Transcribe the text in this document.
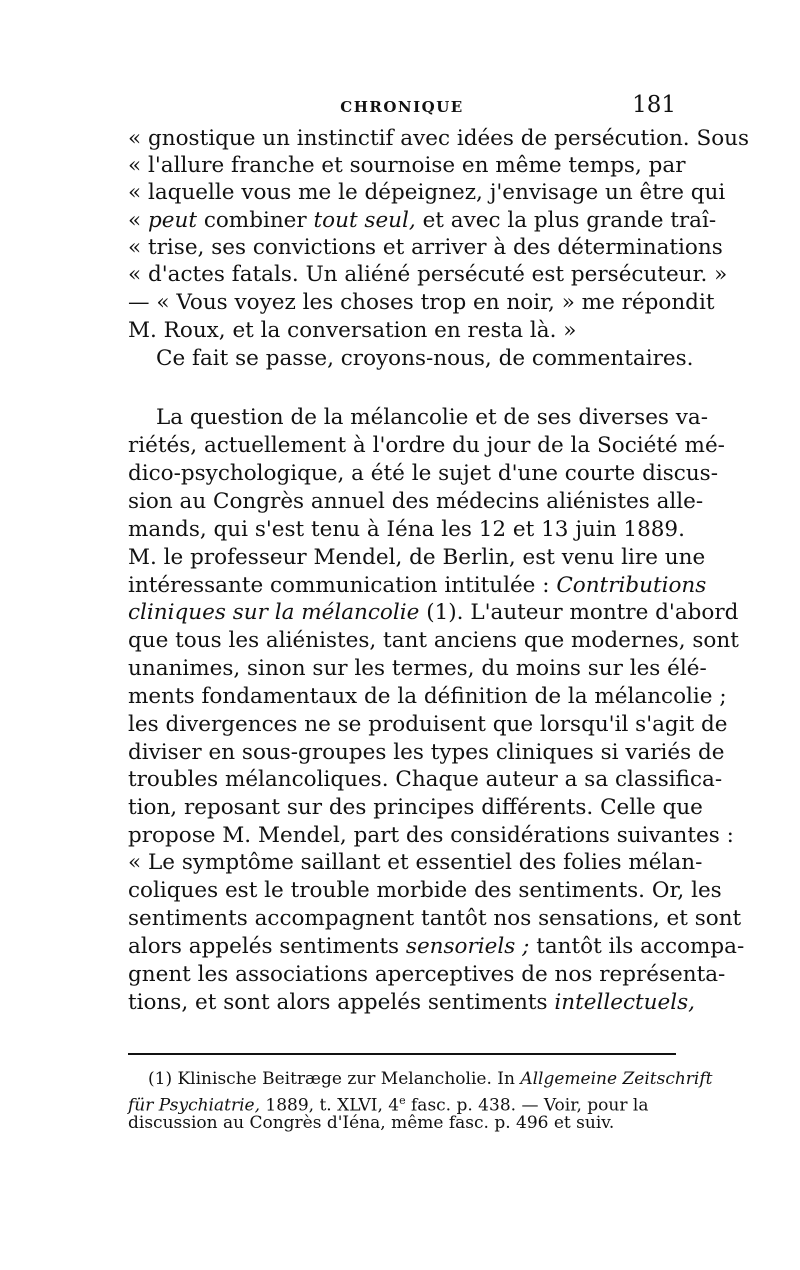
CHRONIQUE	181
« gnostique un instinctif avec idées de persécution. Sous
« l'allure franche et sournoise en même temps, par
« laquelle vous me le dépeignez, j'envisage un être qui
« peut combiner tout seul, et avec la plus grande traî-
« trise, ses convictions et arriver à des déterminations
« d'actes fatals. Un aliéné persécuté est persécuteur. »
— « Vous voyez les choses trop en noir, » me répondit
M. Roux, et la conversation en resta là. »
Ce fait se passe, croyons-nous, de commentaires.
La question de la mélancolie et de ses diverses va-
riétés, actuellement à l'ordre du jour de la Société mé-
dico-psychologique, a été le sujet d'une courte discus-
sion au Congrès annuel des médecins aliénistes alle-
mands, qui s'est tenu à Iéna les 12 et 13 juin 1889.
M. le professeur Mendel, de Berlin, est venu lire une
intéressante communication intitulée : Contributions
cliniques sur la mélancolie (1). L'auteur montre d'abord
que tous les aliénistes, tant anciens que modernes, sont
unanimes, sinon sur les termes, du moins sur les élé-
ments fondamentaux de la définition de la mélancolie ;
les divergences ne se produisent que lorsqu'il s'agit de
diviser en sous-groupes les types cliniques si variés de
troubles mélancoliques. Chaque auteur a sa classifica-
tion, reposant sur des principes différents. Celle que
propose M. Mendel, part des considérations suivantes :
« Le symptôme saillant et essentiel des folies mélan-
coliques est le trouble morbide des sentiments. Or, les
sentiments accompagnent tantôt nos sensations, et sont
alors appelés sentiments sensoriels ; tantôt ils accompa-
gnent les associations aperceptives de nos représenta-
tions, et sont alors appelés sentiments intellectuels,
(1) Klinische Beitræge zur Melancholie. In Allgemeine Zeitschrift
für Psychiatrie, 1889, t. XLVI, 4e fasc. p. 438. — Voir, pour la
discussion au Congrès d'Iéna, même fasc. p. 496 et suiv.
